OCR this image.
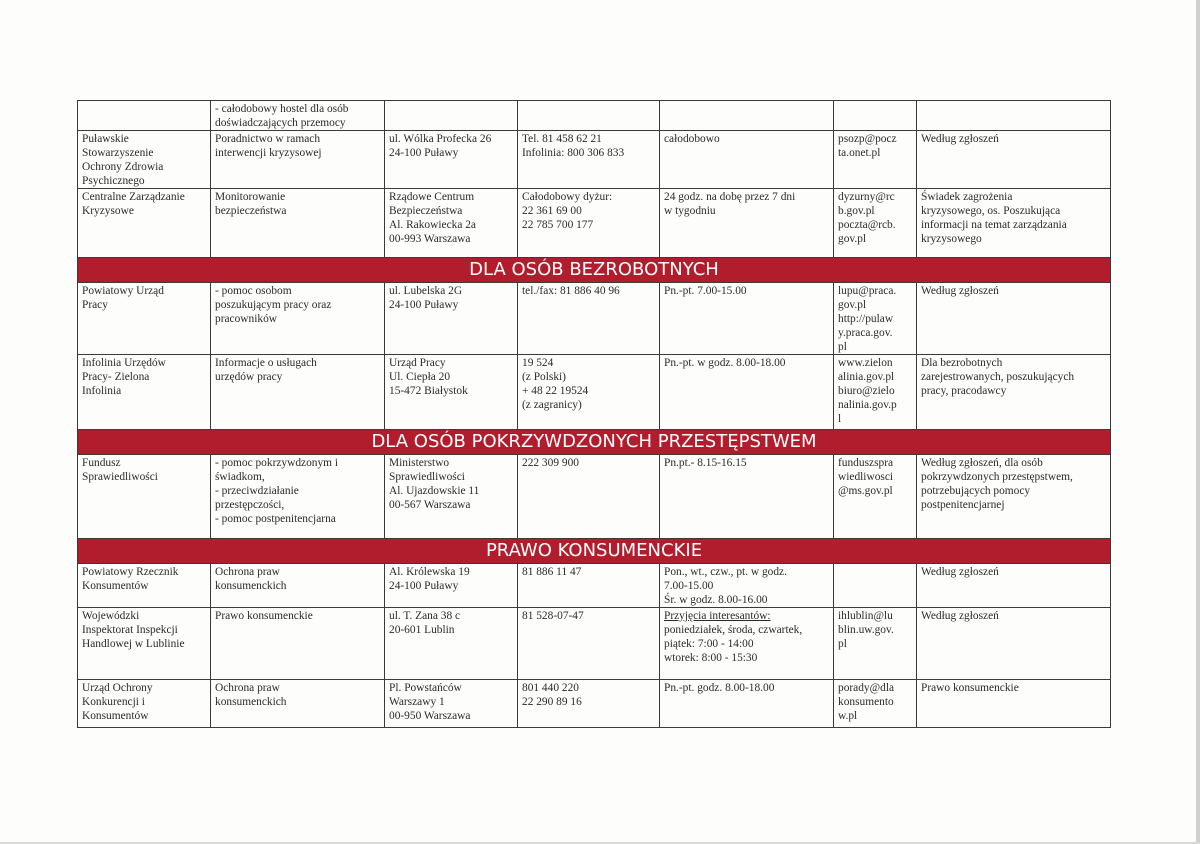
	- całodobowy hostel dla osób
doświadczających przemocy					

Puławskie
Stowarzyszenie
Ochrony Zdrowia
Psychicznego	Poradnictwo w ramach
interwencji kryzysowej	ul. Wólka Profecka 26
24-100 Puławy	Tel. 81 458 62 21
Infolinia: 800 306 833	całodobowo	psozp@pocz
ta.onet.pl	Według zgłoszeń

Centralne Zarządzanie
Kryzysowe	Monitorowanie
bezpieczeństwa	Rządowe Centrum
Bezpieczeństwa
Al. Rakowiecka 2a
00-993 Warszawa	Całodobowy dyżur:
22 361 69 00
22 785 700 177	24 godz. na dobę przez 7 dni
w tygodniu	dyzurny@rc
b.gov.pl
poczta@rcb.
gov.pl	Świadek zagrożenia
kryzysowego, os. Poszukująca
informacji na temat zarządzania
kryzysowego

DLA OSÓB BEZROBOTNYCH						

Powiatowy Urząd
Pracy	- pomoc osobom
poszukującym pracy oraz
pracowników	ul. Lubelska 2G
24-100 Puławy	tel./fax: 81 886 40 96	Pn.-pt. 7.00-15.00	lupu@praca.
gov.pl
http://pulaw
y.praca.gov.
pl	Według zgłoszeń

Infolinia Urzędów
Pracy- Zielona
Infolinia	Informacje o usługach
urzędów pracy	Urząd Pracy
Ul. Ciepła 20
15-472 Białystok	19 524
(z Polski)
+ 48 22 19524
(z zagranicy)	Pn.-pt. w godz. 8.00-18.00	www.zielon
alinia.gov.pl
biuro@zielo
nalinia.gov.p
l	Dla bezrobotnych
zarejestrowanych, poszukujących
pracy, pracodawcy

DLA OSÓB POKRZYWDZONYCH PRZESTĘPSTWEM						

Fundusz
Sprawiedliwości	- pomoc pokrzywdzonym i
świadkom,
- przeciwdziałanie
przestępczości,
- pomoc postpenitencjarna	Ministerstwo
Sprawiedliwości
Al. Ujazdowskie 11
00-567 Warszawa	222 309 900	Pn.pt.- 8.15-16.15	funduszspra
wiedliwosci
@ms.gov.pl	Według zgłoszeń, dla osób
pokrzywdzonych przestępstwem,
potrzebujących pomocy
postpenitencjarnej

PRAWO KONSUMENCKIE						

Powiatowy Rzecznik
Konsumentów	Ochrona praw
konsumenckich	Al. Królewska 19
24-100 Puławy	81 886 11 47	Pon., wt., czw., pt. w godz.
7.00-15.00
Śr. w godz. 8.00-16.00		Według zgłoszeń

Wojewódzki
Inspektorat Inspekcji
Handlowej w Lublinie	Prawo konsumenckie	ul. T. Zana 38 c
20-601 Lublin	81 528-07-47	Przyjęcia interesantów:
poniedziałek, środa, czwartek,
piątek: 7:00 - 14:00
wtorek: 8:00 - 15:30	ihlublin@lu
blin.uw.gov.
pl	Według zgłoszeń

Urząd Ochrony
Konkurencji i
Konsumentów	Ochrona praw
konsumenckich	Pl. Powstańców
Warszawy 1
00-950 Warszawa	801 440 220
22 290 89 16	Pn.-pt. godz. 8.00-18.00	porady@dla
konsumento
w.pl	Prawo konsumenckie
